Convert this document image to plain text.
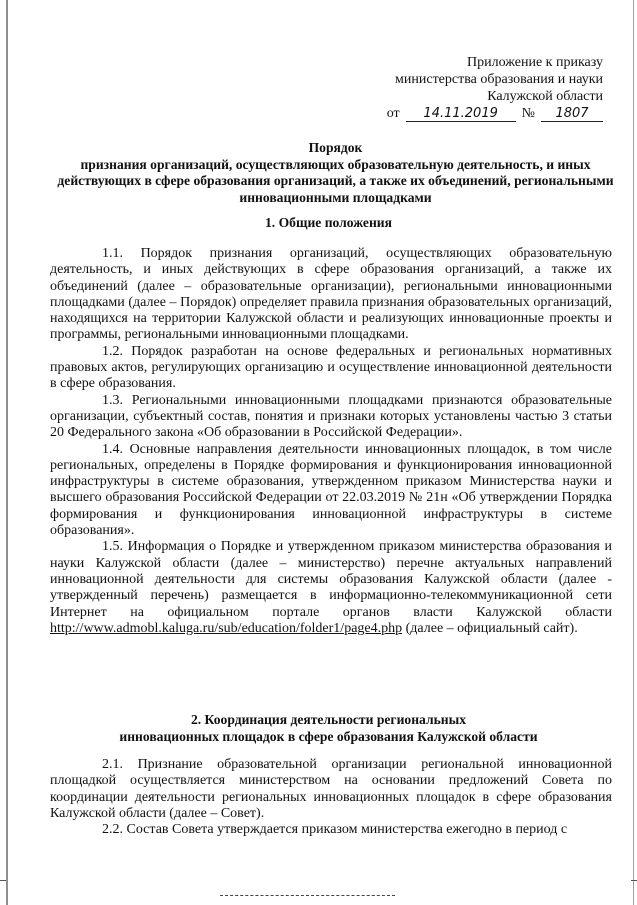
Приложение к приказу
министерства образования и науки
Калужской области
от	14.11.2019	№	1807
Порядок
признания организаций, осуществляющих образовательную деятельность, и иных действующих в сфере образования организаций, а также их объединений, региональными инновационными площадками
1. Общие положения

1.1. Порядок признания организаций, осуществляющих образовательную деятельность, и иных действующих в сфере образования организаций, а также их объединений (далее – образовательные организации), региональными инновационными площадками (далее – Порядок) определяет правила признания образовательных организаций, находящихся на территории Калужской области и реализующих инновационные проекты и программы, региональными инновационными площадками.

1.2. Порядок разработан на основе федеральных и региональных нормативных правовых актов, регулирующих организацию и осуществление инновационной деятельности в сфере образования.

1.3. Региональными инновационными площадками признаются образовательные организации, субъектный состав, понятия и признаки которых установлены частью 3 статьи 20 Федерального закона «Об образовании в Российской Федерации».

1.4. Основные направления деятельности инновационных площадок, в том числе региональных, определены в Порядке формирования и функционирования инновационной инфраструктуры в системе образования, утвержденном приказом Министерства науки и высшего образования Российской Федерации от 22.03.2019 № 21н «Об утверждении Порядка формирования и функционирования инновационной инфраструктуры в системе образования».

1.5. Информация о Порядке и утвержденном приказом министерства образования и науки Калужской области (далее – министерство) перечне актуальных направлений инновационной деятельности для системы образования Калужской области (далее - утвержденный перечень) размещается в информационно-телекоммуникационной сети Интернет на официальном портале органов власти Калужской области http://www.admobl.kaluga.ru/sub/education/folder1/page4.php (далее – официальный сайт).

2. Координация деятельности региональных
инновационных площадок в сфере образования Калужской области

2.1. Признание образовательной организации региональной инновационной площадкой осуществляется министерством на основании предложений Совета по координации деятельности региональных инновационных площадок в сфере образования Калужской области (далее – Совет).

2.2. Состав Совета утверждается приказом министерства ежегодно в период с
